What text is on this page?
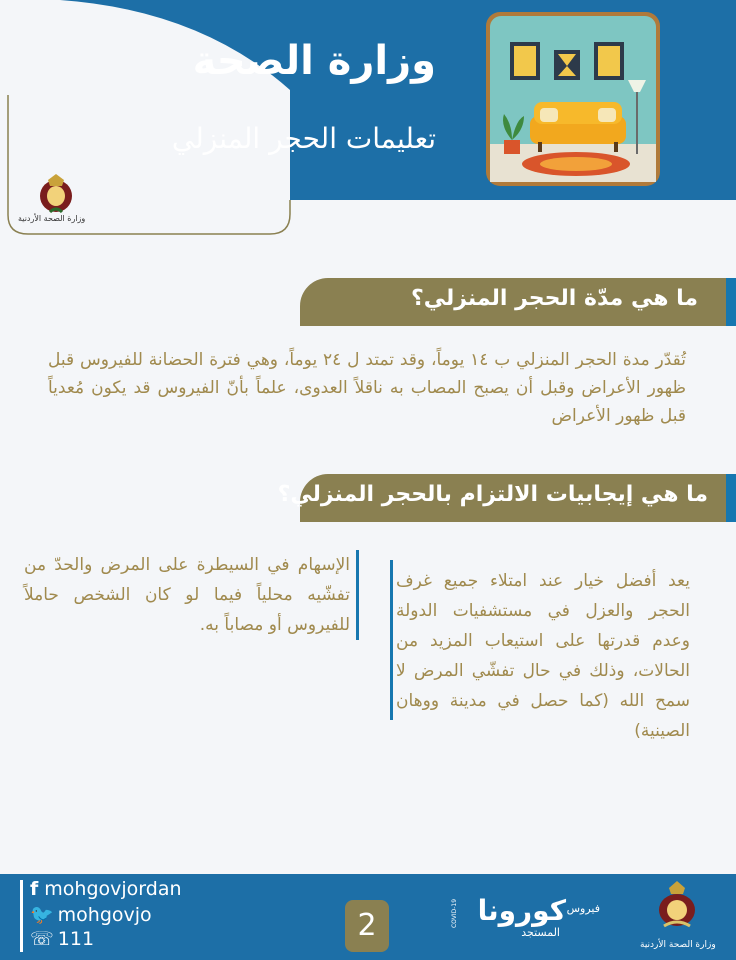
وزارة الصحة
تعليمات الحجر المنزلي
وزارة الصحة الأردنية
ما هي مدّة الحجر المنزلي؟
تُقدّر مدة الحجر المنزلي ب ١٤ يوماً، وقد تمتد ل ٢٤ يوماً، وهي فترة الحضانة للفيروس قبل ظهور الأعراض وقبل أن يصبح المصاب به ناقلاً العدوى، علماً بأنّ الفيروس قد يكون مُعدياً قبل ظهور الأعراض
ما هي إيجابيات الالتزام بالحجر المنزلي؟
يعد أفضل خيار عند امتلاء جميع غرف الحجر والعزل في مستشفيات الدولة وعدم قدرتها على استيعاب المزيد من الحالات، وذلك في حال تفشّي المرض لا سمح الله (كما حصل في مدينة ووهان الصينية)
الإسهام في السيطرة على المرض والحدّ من تفشّيه محلياً فيما لو كان الشخص حاملاً للفيروس أو مصاباً به.
f mohgovjordan
🐦 mohgovjo
☏ 111	2	فيروس
كورونا
المستجد
COVID-19
وزارة الصحة الأردنية
